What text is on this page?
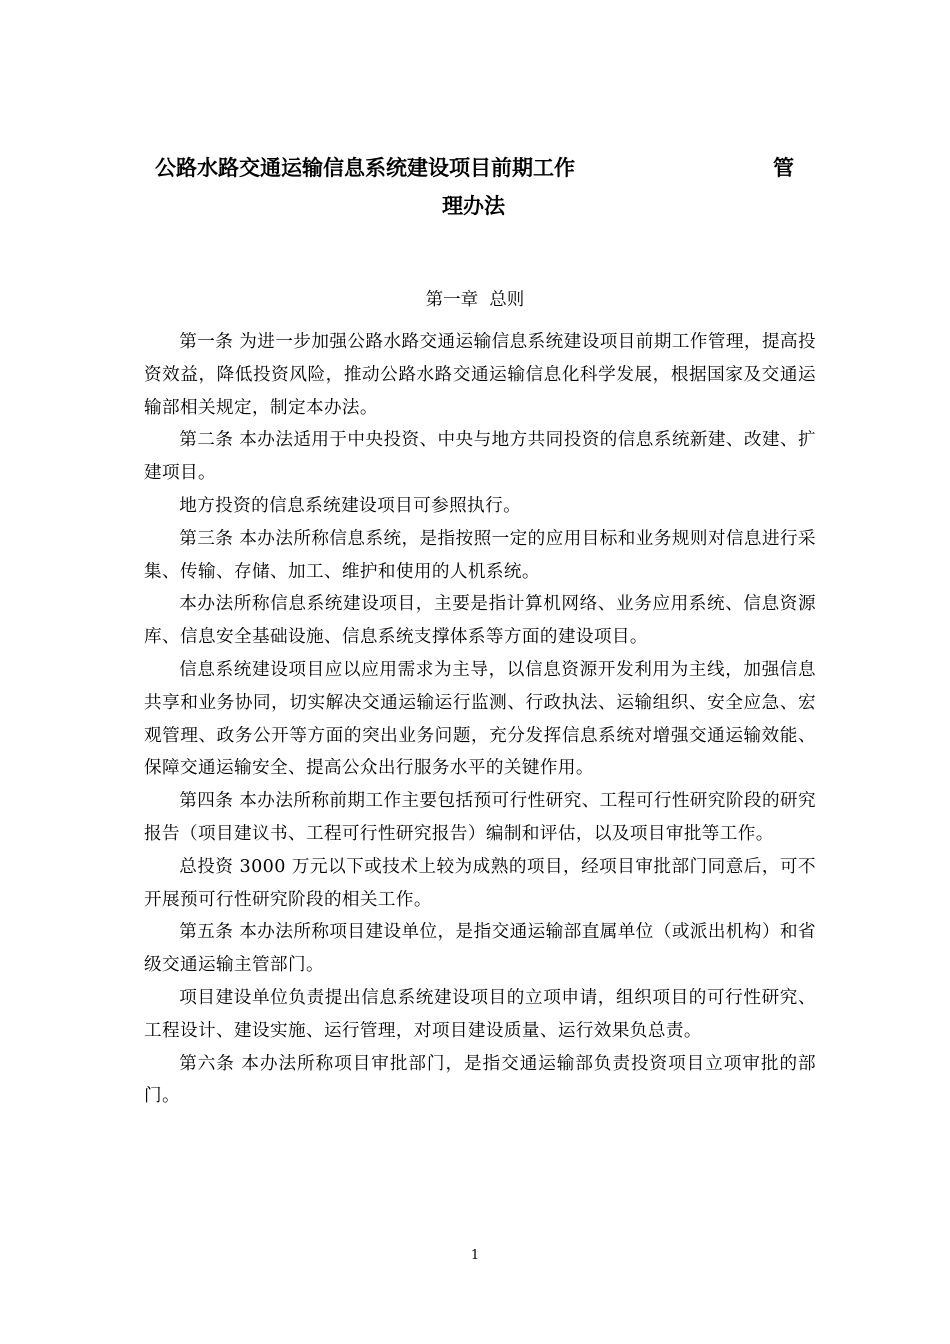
公路水路交通运输信息系统建设项目前期工作	管
理办法
第一章  总则

第一条 为进一步加强公路水路交通运输信息系统建设项目前期工作管理，提高投资效益，降低投资风险，推动公路水路交通运输信息化科学发展，根据国家及交通运输部相关规定，制定本办法。

第二条 本办法适用于中央投资、中央与地方共同投资的信息系统新建、改建、扩建项目。

地方投资的信息系统建设项目可参照执行。

第三条 本办法所称信息系统，是指按照一定的应用目标和业务规则对信息进行采集、传输、存储、加工、维护和使用的人机系统。

本办法所称信息系统建设项目，主要是指计算机网络、业务应用系统、信息资源库、信息安全基础设施、信息系统支撑体系等方面的建设项目。

信息系统建设项目应以应用需求为主导，以信息资源开发利用为主线，加强信息共享和业务协同，切实解决交通运输运行监测、行政执法、运输组织、安全应急、宏观管理、政务公开等方面的突出业务问题，充分发挥信息系统对增强交通运输效能、保障交通运输安全、提高公众出行服务水平的关键作用。

第四条 本办法所称前期工作主要包括预可行性研究、工程可行性研究阶段的研究报告（项目建议书、工程可行性研究报告）编制和评估，以及项目审批等工作。

总投资 3000 万元以下或技术上较为成熟的项目，经项目审批部门同意后，可不开展预可行性研究阶段的相关工作。

第五条 本办法所称项目建设单位，是指交通运输部直属单位（或派出机构）和省级交通运输主管部门。

项目建设单位负责提出信息系统建设项目的立项申请，组织项目的可行性研究、工程设计、建设实施、运行管理，对项目建设质量、运行效果负总责。

第六条 本办法所称项目审批部门，是指交通运输部负责投资项目立项审批的部门。

1
